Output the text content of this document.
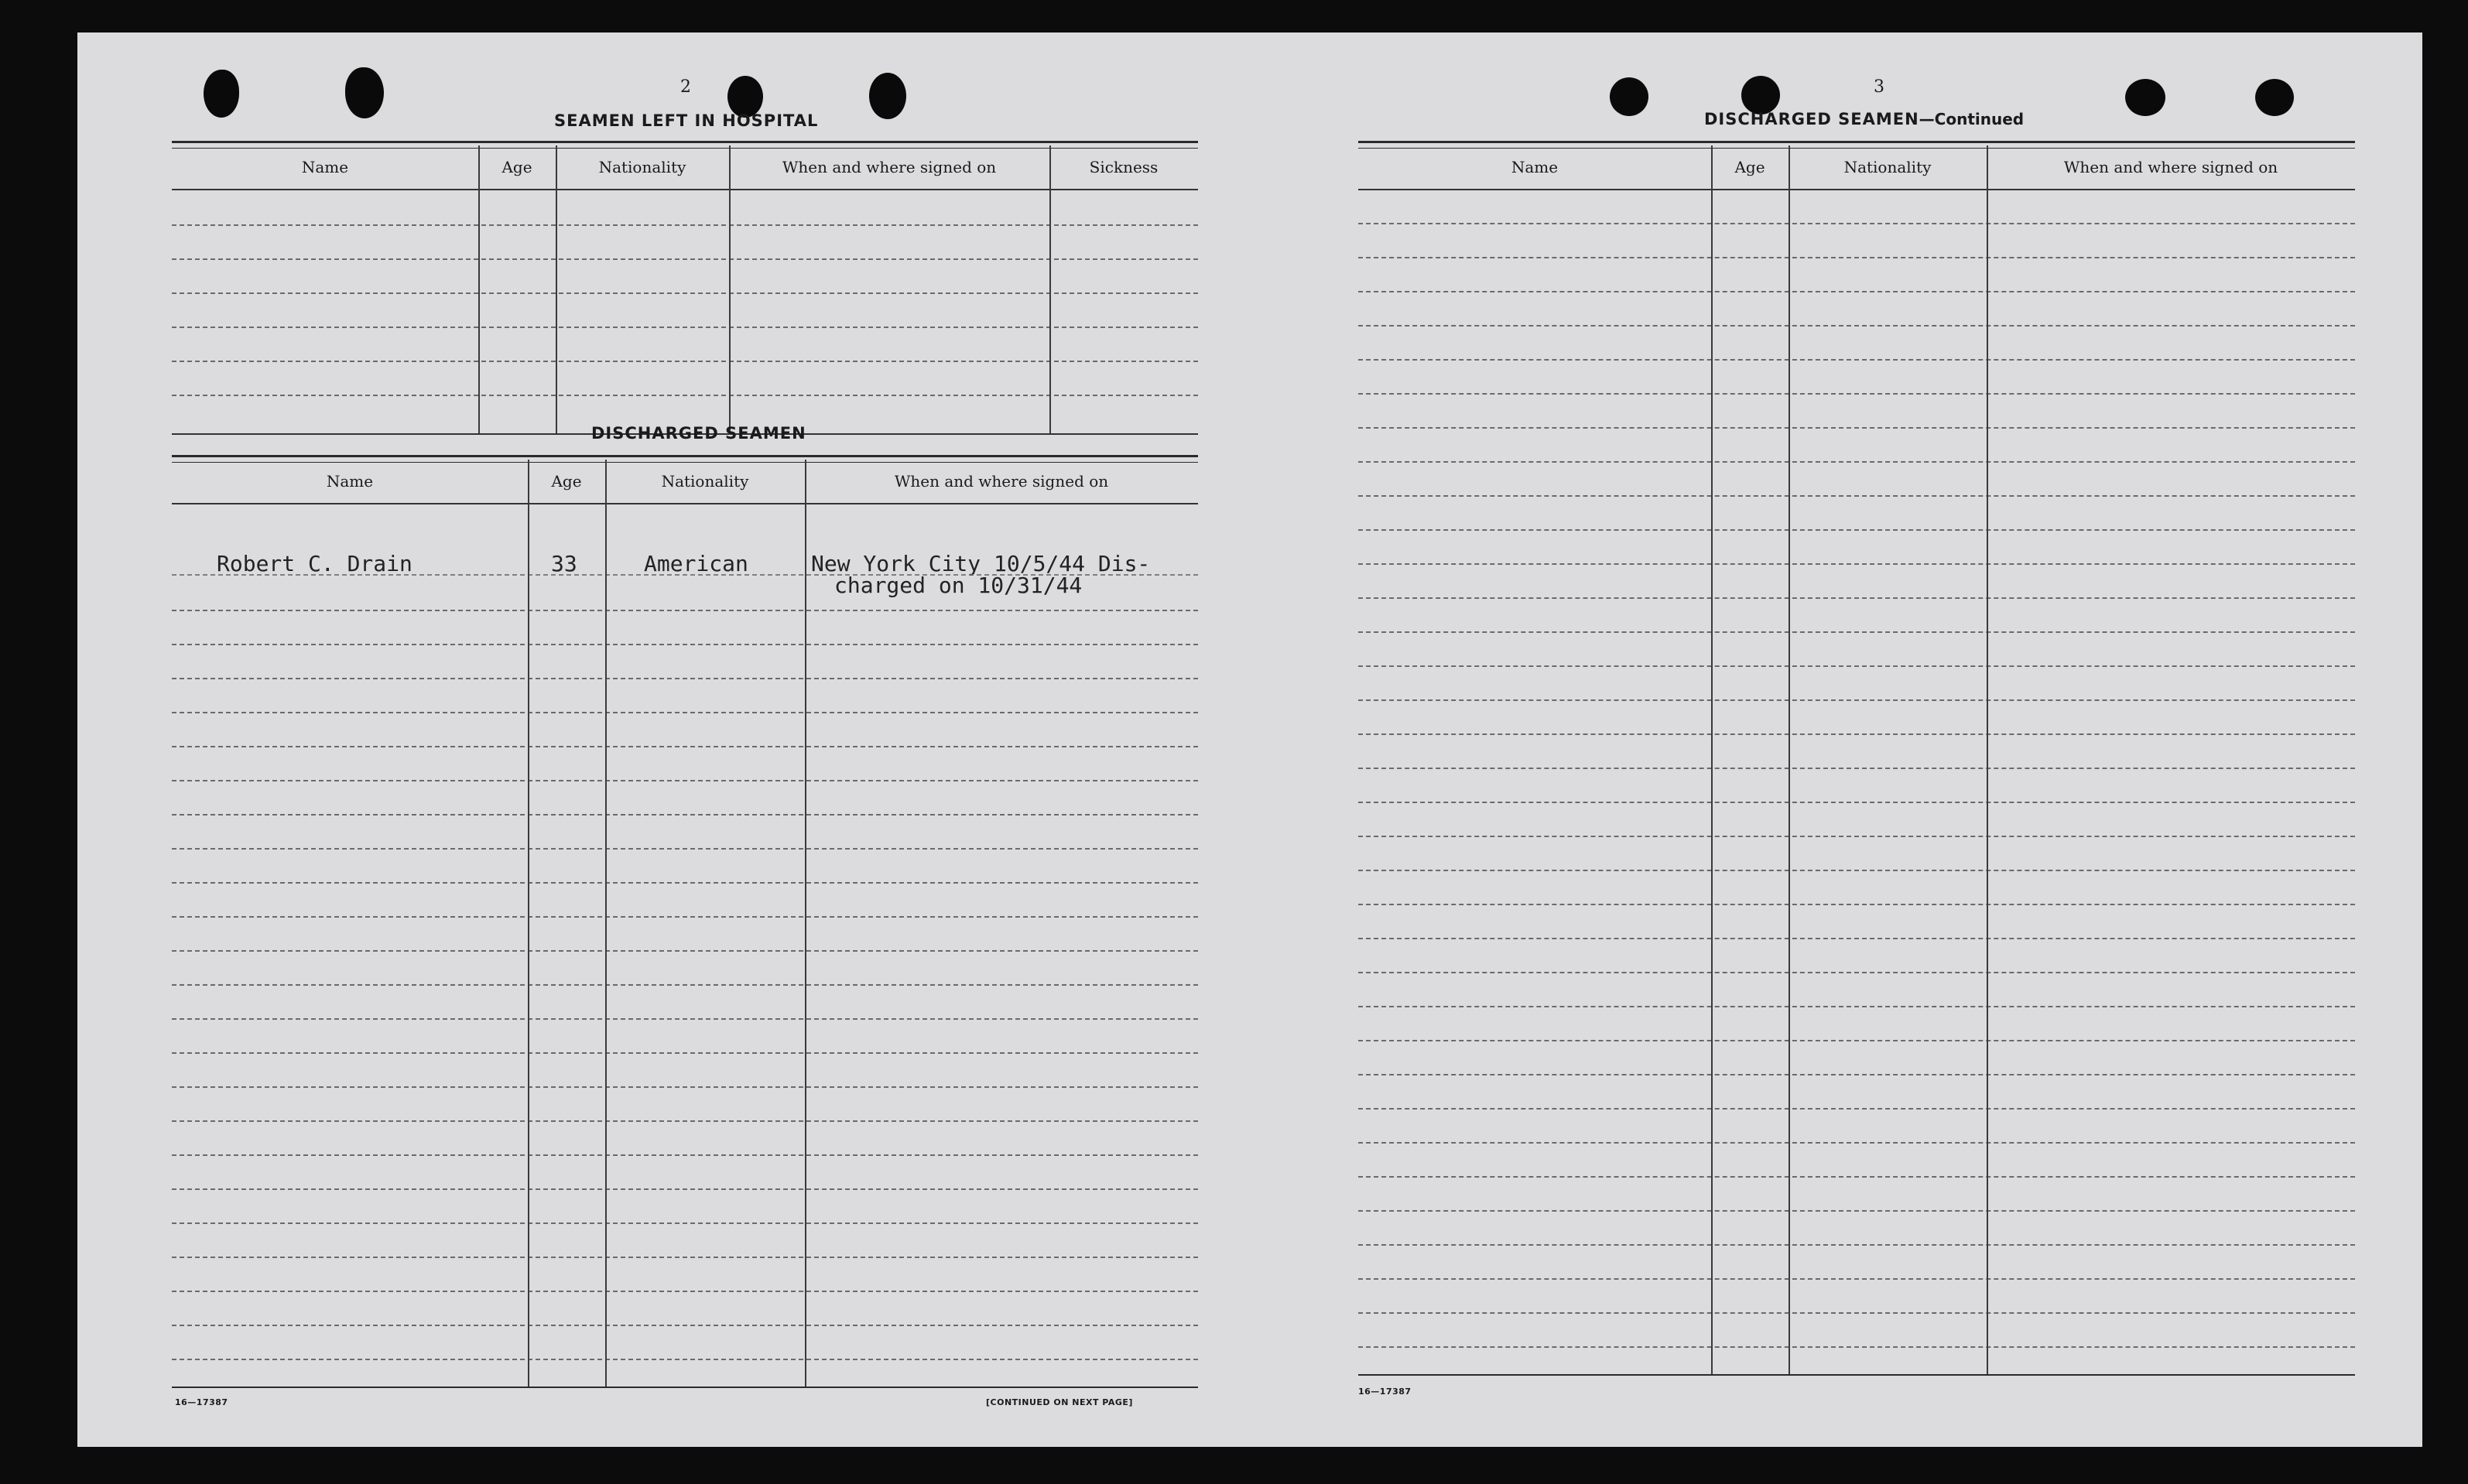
2
SEAMEN LEFT IN HOSPITAL
Name	Age	Nationality	When and where signed on	Sickness
DISCHARGED SEAMEN
Name	Age	Nationality	When and where signed on
Robert C. Drain	33	American	New York City 10/5/44 Dis-
charged on 10/31/44
16—17387	[CONTINUED ON NEXT PAGE]
3
DISCHARGED SEAMEN—Continued
Name	Age	Nationality	When and where signed on
16—17387
